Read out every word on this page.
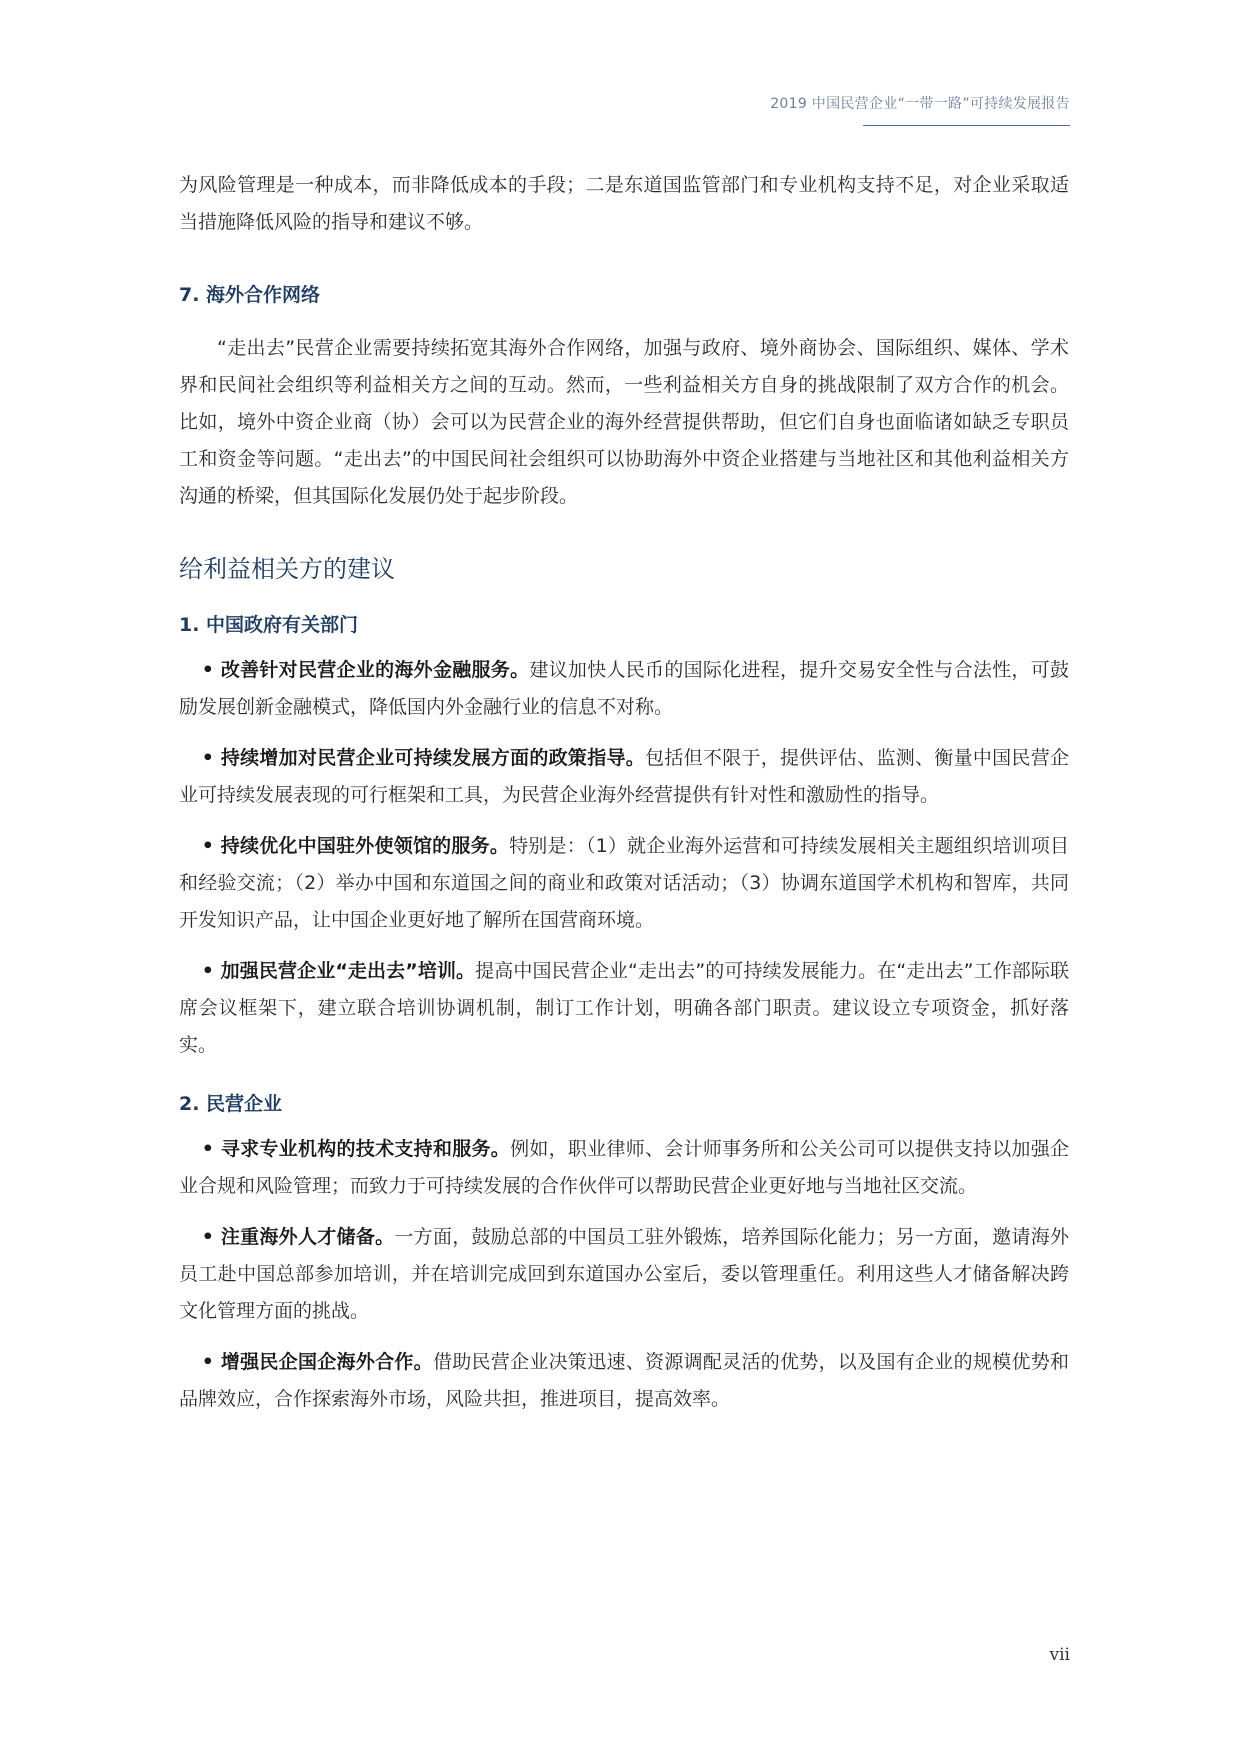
2019 中国民营企业“一带一路”可持续发展报告

为风险管理是一种成本，而非降低成本的手段；二是东道国监管部门和专业机构支持不足，对企业采取适当措施降低风险的指导和建议不够。

7. 海外合作网络

“走出去”民营企业需要持续拓宽其海外合作网络，加强与政府、境外商协会、国际组织、媒体、学术界和民间社会组织等利益相关方之间的互动。然而，一些利益相关方自身的挑战限制了双方合作的机会。比如，境外中资企业商（协）会可以为民营企业的海外经营提供帮助，但它们自身也面临诸如缺乏专职员工和资金等问题。“走出去”的中国民间社会组织可以协助海外中资企业搭建与当地社区和其他利益相关方沟通的桥梁，但其国际化发展仍处于起步阶段。

给利益相关方的建议

1. 中国政府有关部门

• 改善针对民营企业的海外金融服务。建议加快人民币的国际化进程，提升交易安全性与合法性，可鼓励发展创新金融模式，降低国内外金融行业的信息不对称。

• 持续增加对民营企业可持续发展方面的政策指导。包括但不限于，提供评估、监测、衡量中国民营企业可持续发展表现的可行框架和工具，为民营企业海外经营提供有针对性和激励性的指导。

• 持续优化中国驻外使领馆的服务。特别是：（1）就企业海外运营和可持续发展相关主题组织培训项目和经验交流；（2）举办中国和东道国之间的商业和政策对话活动；（3）协调东道国学术机构和智库，共同开发知识产品，让中国企业更好地了解所在国营商环境。

• 加强民营企业“走出去”培训。提高中国民营企业“走出去”的可持续发展能力。在“走出去”工作部际联席会议框架下，建立联合培训协调机制，制订工作计划，明确各部门职责。建议设立专项资金，抓好落实。

2. 民营企业

• 寻求专业机构的技术支持和服务。例如，职业律师、会计师事务所和公关公司可以提供支持以加强企业合规和风险管理；而致力于可持续发展的合作伙伴可以帮助民营企业更好地与当地社区交流。

• 注重海外人才储备。一方面，鼓励总部的中国员工驻外锻炼，培养国际化能力；另一方面，邀请海外员工赴中国总部参加培训，并在培训完成回到东道国办公室后，委以管理重任。利用这些人才储备解决跨文化管理方面的挑战。

• 增强民企国企海外合作。借助民营企业决策迅速、资源调配灵活的优势，以及国有企业的规模优势和品牌效应，合作探索海外市场，风险共担，推进项目，提高效率。

vii
